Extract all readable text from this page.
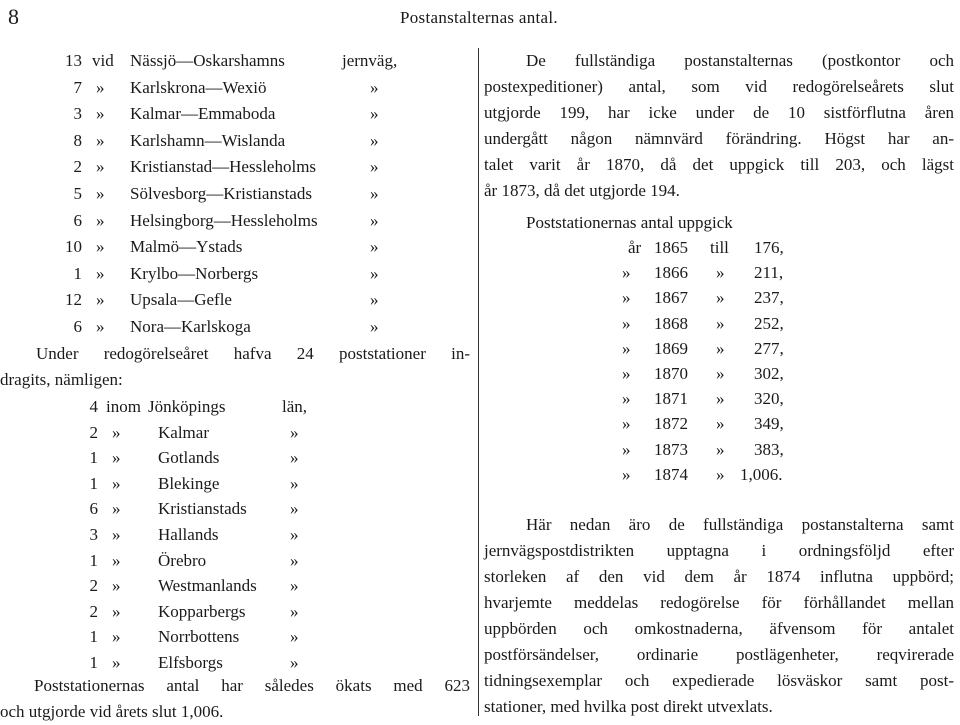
8	Postanstalternas antal.
13 vid Nässjö—Oskarshamns	jernväg,
7 » Karlskrona—Wexiö	»
3 » Kalmar—Emmaboda	»
8 » Karlshamn—Wislanda	»
2 » Kristianstad—Hessleholms	»
5 » Sölvesborg—Kristianstads	»
6 » Helsingborg—Hessleholms	»
10 » Malmö—Ystads	»
1 » Krylbo—Norbergs	»
12 » Upsala—Gefle	»
6 » Nora—Karlskoga	»
Under redogörelseåret hafva 24 poststationer in-
dragits, nämligen:
4 inom Jönköpings	län,
2 » Kalmar	»
1 » Gotlands	»
1 » Blekinge	»
6 » Kristianstads	»
3 » Hallands	»
1 » Örebro	»
2 » Westmanlands »
2 » Kopparbergs	»
1 » Norrbottens	»
1 » Elfsborgs	»
Poststationernas antal har således ökats med 623
och utgjorde vid årets slut 1,006.
De fullständiga postanstalternas (postkontor och
postexpeditioner) antal, som vid redogörelseårets slut
utgjorde 199, har icke under de 10 sistförflutna åren
undergått någon nämnvärd förändring. Högst har an-
talet varit år 1870, då det uppgick till 203, och lägst
år 1873, då det utgjorde 194.
Poststationernas antal uppgick
år 1865 till 176,
» 1866 » 211,
» 1867 » 237,
» 1868 » 252,
» 1869 » 277,
» 1870 » 302,
» 1871 » 320,
» 1872 » 349,
» 1873 » 383,
» 1874 » 1,006.
Här nedan äro de fullständiga postanstalterna samt
jernvägspostdistrikten upptagna i ordningsföljd efter
storleken af den vid dem år 1874 influtna uppbörd;
hvarjemte meddelas redogörelse för förhållandet mellan
uppbörden och omkostnaderna, äfvensom för antalet
postförsändelser, ordinarie postlägenheter, reqvirerade
tidningsexemplar och expedierade lösväskor samt post-
stationer, med hvilka post direkt utvexlats.
